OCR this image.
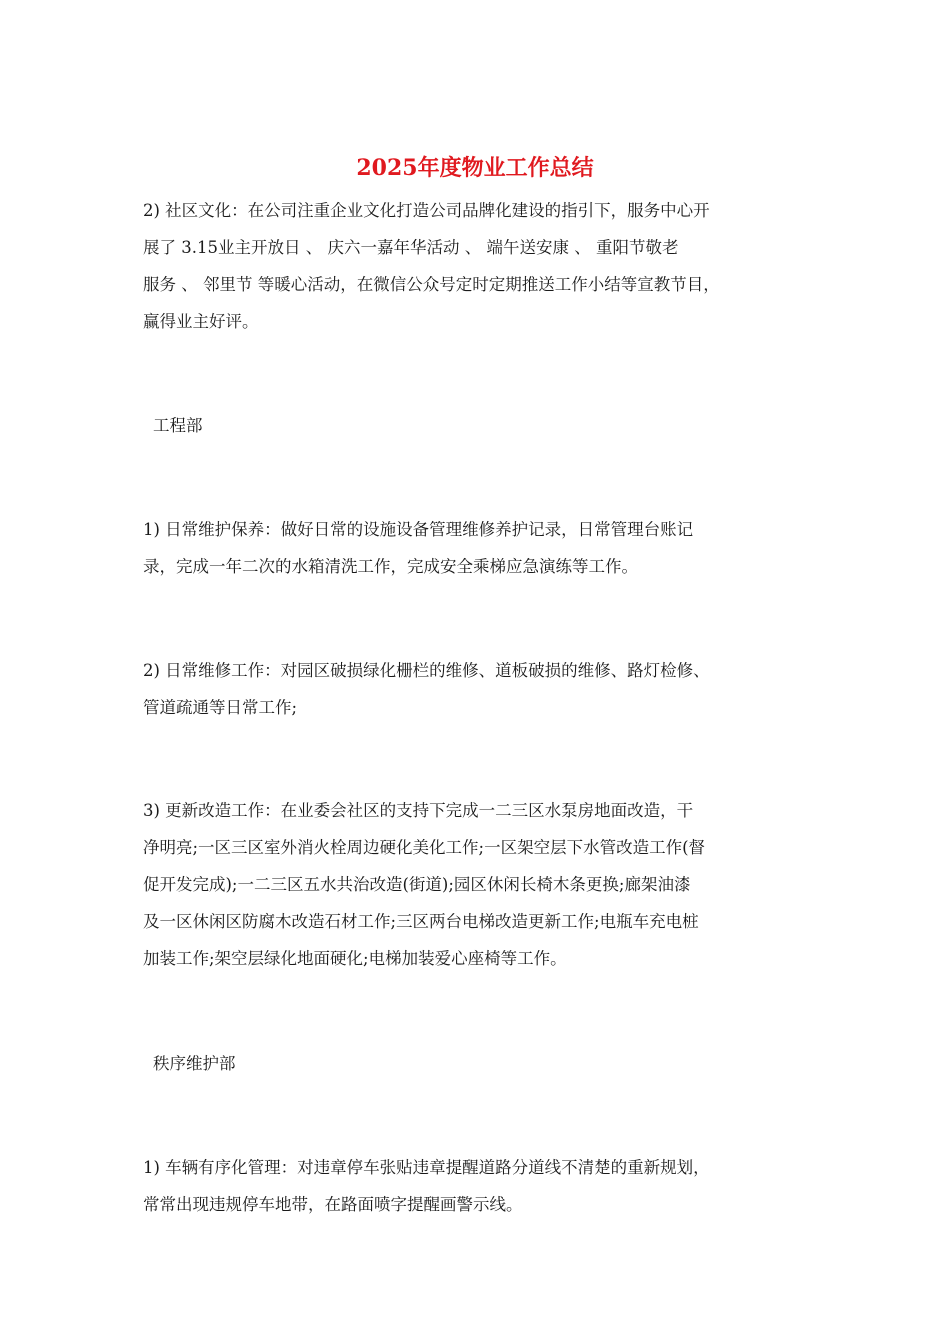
2025年度物业工作总结

2) 社区文化：在公司注重企业文化打造公司品牌化建设的指引下，服务中心开
展了 3.15业主开放日 、 庆六一嘉年华活动 、 端午送安康 、 重阳节敬老
服务 、 邻里节 等暖心活动，在微信公众号定时定期推送工作小结等宣教节目，
赢得业主好评。

工程部

1) 日常维护保养：做好日常的设施设备管理维修养护记录，日常管理台账记
录，完成一年二次的水箱清洗工作，完成安全乘梯应急演练等工作。

2) 日常维修工作：对园区破损绿化栅栏的维修、道板破损的维修、路灯检修、
管道疏通等日常工作;

3) 更新改造工作：在业委会社区的支持下完成一二三区水泵房地面改造，干
净明亮;一区三区室外消火栓周边硬化美化工作;一区架空层下水管改造工作(督
促开发完成);一二三区五水共治改造(街道);园区休闲长椅木条更换;廊架油漆
及一区休闲区防腐木改造石材工作;三区两台电梯改造更新工作;电瓶车充电桩
加装工作;架空层绿化地面硬化;电梯加装爱心座椅等工作。

秩序维护部

1) 车辆有序化管理：对违章停车张贴违章提醒道路分道线不清楚的重新规划，
常常出现违规停车地带，在路面喷字提醒画警示线。
